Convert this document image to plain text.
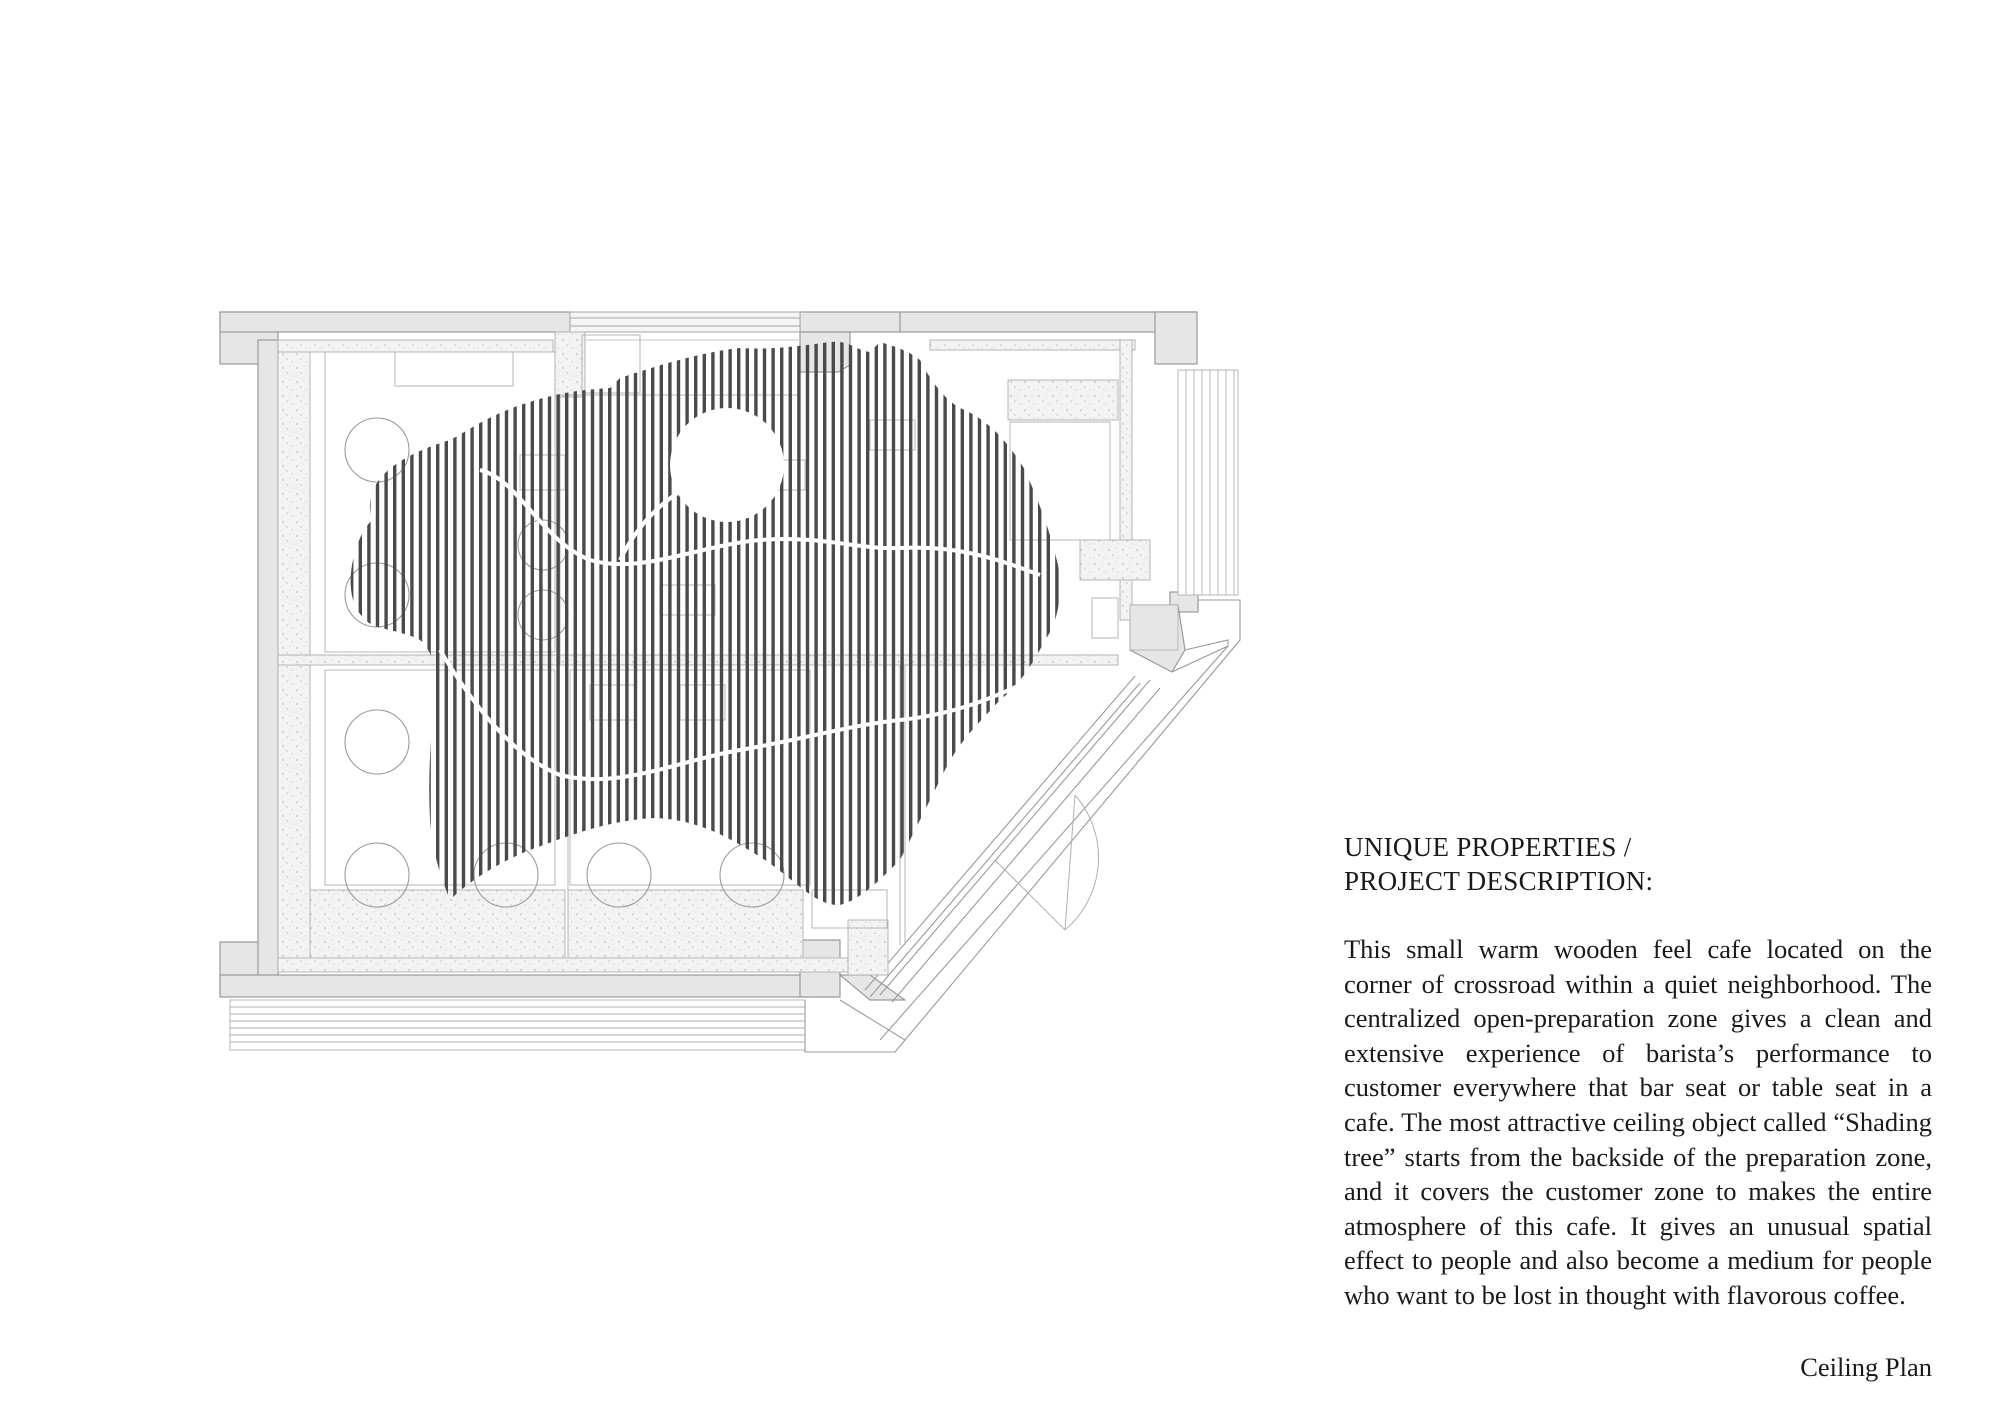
UNIQUE PROPERTIES /
PROJECT DESCRIPTION:

This small warm wooden feel cafe located on the corner of crossroad within a quiet neighborhood. The centralized open-preparation zone gives a clean and extensive experience of barista’s performance to customer everywhere that bar seat or table seat in a cafe. The most attractive ceiling object called “Shading tree” starts from the backside of the preparation zone, and it covers the customer zone to makes the entire atmosphere of this cafe. It gives an unusual spatial effect to people and also become a medium for people who want to be lost in thought with flavorous coffee.

Ceiling Plan
